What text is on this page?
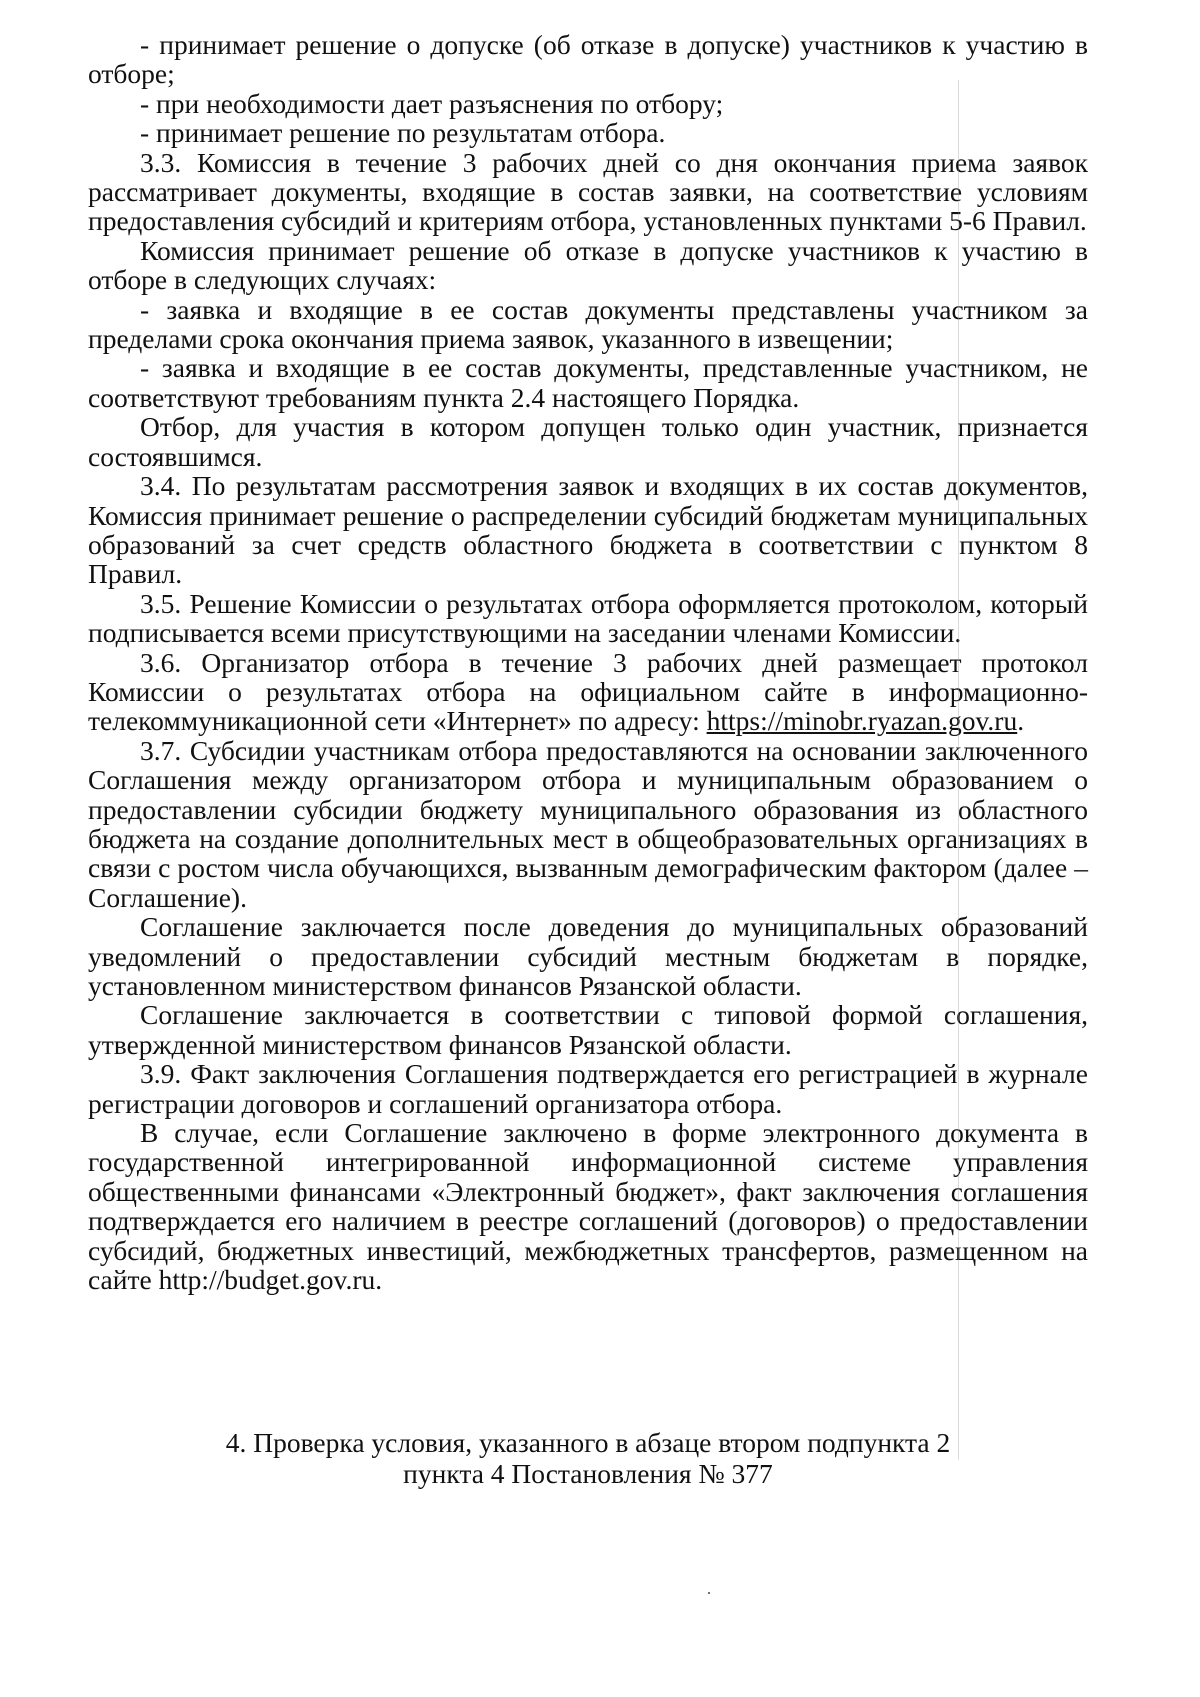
- принимает решение о допуске (об отказе в допуске) участников к участию в отборе;

- при необходимости дает разъяснения по отбору;

- принимает решение по результатам отбора.

3.3. Комиссия в течение 3 рабочих дней со дня окончания приема заявок рассматривает документы, входящие в состав заявки, на соответствие условиям предоставления субсидий и критериям отбора, установленных пунктами 5-6 Правил.

Комиссия принимает решение об отказе в допуске участников к участию в отборе в следующих случаях:

- заявка и входящие в ее состав документы представлены участником за пределами срока окончания приема заявок, указанного в извещении;

- заявка и входящие в ее состав документы, представленные участником, не соответствуют требованиям пункта 2.4 настоящего Порядка.

Отбор, для участия в котором допущен только один участник, признается состоявшимся.

3.4. По результатам рассмотрения заявок и входящих в их состав документов, Комиссия принимает решение о распределении субсидий бюджетам муниципальных образований за счет средств областного бюджета в соответствии с пунктом 8 Правил.

3.5. Решение Комиссии о результатах отбора оформляется протоколом, который подписывается всеми присутствующими на заседании членами Комиссии.

3.6. Организатор отбора в течение 3 рабочих дней размещает протокол Комиссии о результатах отбора на официальном сайте в информационно-телекоммуникационной сети «Интернет» по адресу: https://minobr.ryazan.gov.ru.

3.7. Субсидии участникам отбора предоставляются на основании заключенного Соглашения между организатором отбора и муниципальным образованием о предоставлении субсидии бюджету муниципального образования из областного бюджета на создание дополнительных мест в общеобразовательных организациях в связи с ростом числа обучающихся, вызванным демографическим фактором (далее – Соглашение).

Соглашение заключается после доведения до муниципальных образований уведомлений о предоставлении субсидий местным бюджетам в порядке, установленном министерством финансов Рязанской области.

Соглашение заключается в соответствии с типовой формой соглашения, утвержденной министерством финансов Рязанской области.

3.9. Факт заключения Соглашения подтверждается его регистрацией в журнале регистрации договоров и соглашений организатора отбора.

В случае, если Соглашение заключено в форме электронного документа в государственной интегрированной информационной системе управления общественными финансами «Электронный бюджет», факт заключения соглашения подтверждается его наличием в реестре соглашений (договоров) о предоставлении субсидий, бюджетных инвестиций, межбюджетных трансфертов, размещенном на сайте http://budget.gov.ru.

4. Проверка условия, указанного в абзаце втором подпункта 2
пункта 4 Постановления № 377
